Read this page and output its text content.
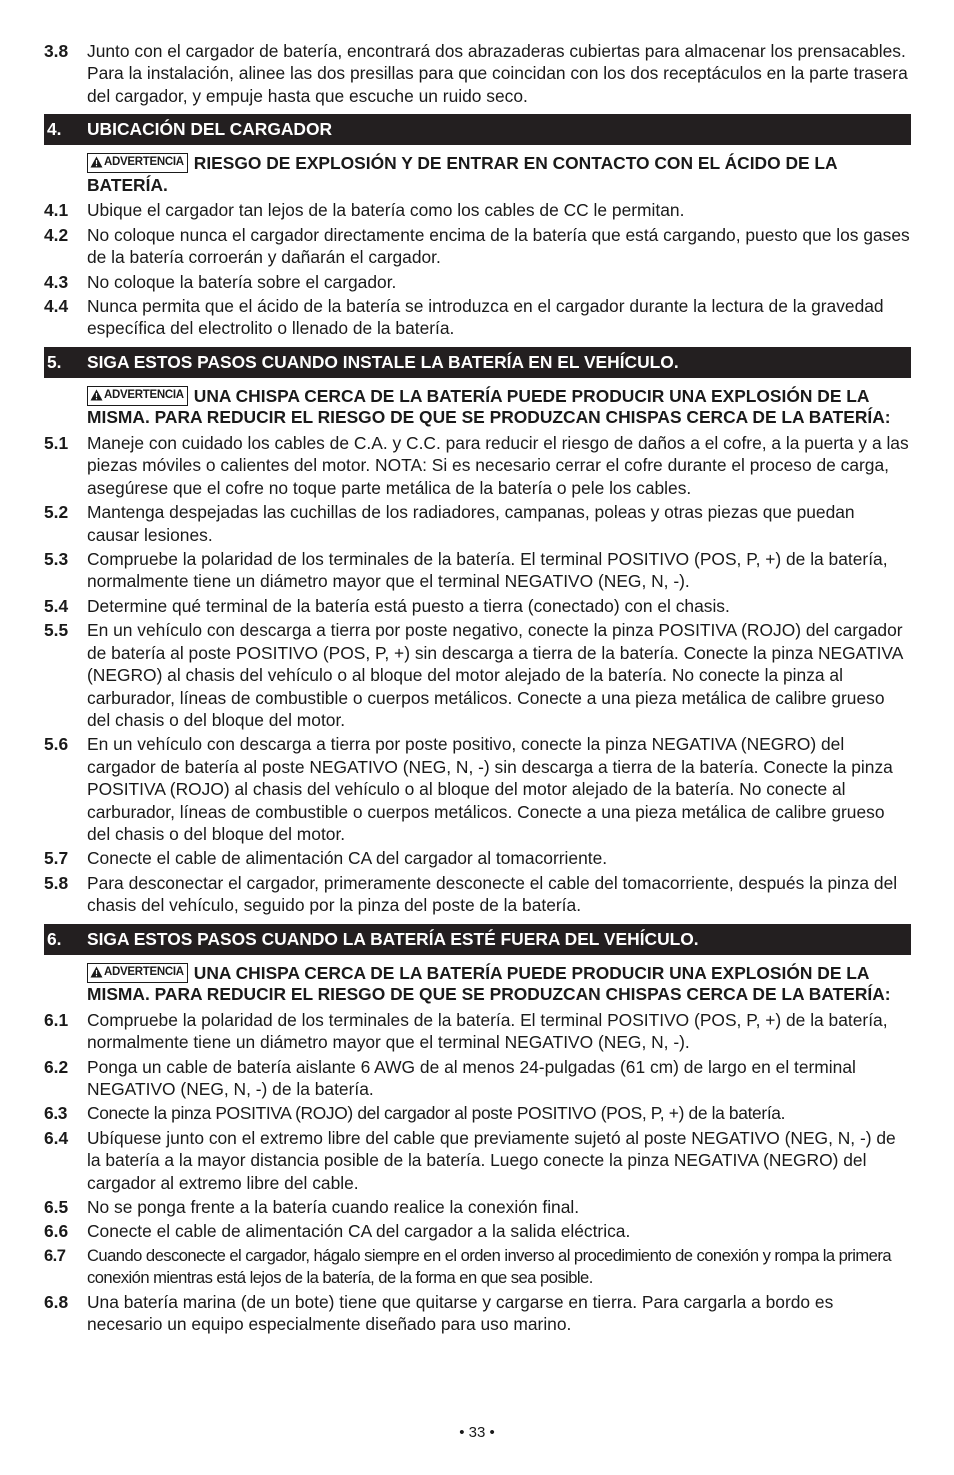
3.8	Junto con el cargador de batería, encontrará dos abrazaderas cubiertas para almacenar los prensacables. Para la instalación, alinee las dos presillas para que coincidan con los dos receptáculos en la parte trasera del cargador, y empuje hasta que escuche un ruido seco.
4.	UBICACIÓN DEL CARGADOR
ADVERTENCIA RIESGO DE EXPLOSIÓN Y DE ENTRAR EN CONTACTO CON EL ÁCIDO DE LA BATERÍA.
4.1	Ubique el cargador tan lejos de la batería como los cables de CC le permitan.
4.2	No coloque nunca el cargador directamente encima de la batería que está cargando, puesto que los gases de la batería corroerán y dañarán el cargador.
4.3	No coloque la batería sobre el cargador.
4.4	Nunca permita que el ácido de la batería se introduzca en el cargador durante la lectura de la gravedad específica del electrolito o llenado de la batería.
5.	SIGA ESTOS PASOS CUANDO INSTALE LA BATERÍA EN EL VEHÍCULO.
ADVERTENCIA UNA CHISPA CERCA DE LA BATERÍA PUEDE PRODUCIR UNA EXPLOSIÓN DE LA MISMA. PARA REDUCIR EL RIESGO DE QUE SE PRODUZCAN CHISPAS CERCA DE LA BATERÍA:
5.1	Maneje con cuidado los cables de C.A. y C.C. para reducir el riesgo de daños a el cofre, a la puerta y a las piezas móviles o calientes del motor. NOTA: Si es necesario cerrar el cofre durante el proceso de carga, asegúrese que el cofre no toque parte metálica de la batería o pele los cables.
5.2	Mantenga despejadas las cuchillas de los radiadores, campanas, poleas y otras piezas que puedan causar lesiones.
5.3	Compruebe la polaridad de los terminales de la batería. El terminal POSITIVO (POS, P, +) de la batería, normalmente tiene un diámetro mayor que el terminal NEGATIVO (NEG, N, -).
5.4	Determine qué terminal de la batería está puesto a tierra (conectado) con el chasis.
5.5	En un vehículo con descarga a tierra por poste negativo, conecte la pinza POSITIVA (ROJO) del cargador de batería al poste POSITIVO (POS, P, +) sin descarga a tierra de la batería. Conecte la pinza NEGATIVA (NEGRO) al chasis del vehículo o al bloque del motor alejado de la batería. No conecte la pinza al carburador, líneas de combustible o cuerpos metálicos. Conecte a una pieza metálica de calibre grueso del chasis o del bloque del motor.
5.6	En un vehículo con descarga a tierra por poste positivo, conecte la pinza NEGATIVA (NEGRO) del cargador de batería al poste NEGATIVO (NEG, N, -) sin descarga a tierra de la batería. Conecte la pinza POSITIVA (ROJO) al chasis del vehículo o al bloque del motor alejado de la batería. No conecte al carburador, líneas de combustible o cuerpos metálicos. Conecte a una pieza metálica de calibre grueso del chasis o del bloque del motor.
5.7	Conecte el cable de alimentación CA del cargador al tomacorriente.
5.8	Para desconectar el cargador, primeramente desconecte el cable del tomacorriente, después la pinza del chasis del vehículo, seguido por la pinza del poste de la batería.
6.	SIGA ESTOS PASOS CUANDO LA BATERÍA ESTÉ FUERA DEL VEHÍCULO.
ADVERTENCIA UNA CHISPA CERCA DE LA BATERÍA PUEDE PRODUCIR UNA EXPLOSIÓN DE LA MISMA. PARA REDUCIR EL RIESGO DE QUE SE PRODUZCAN CHISPAS CERCA DE LA BATERÍA:
6.1	Compruebe la polaridad de los terminales de la batería. El terminal POSITIVO (POS, P, +) de la batería, normalmente tiene un diámetro mayor que el terminal NEGATIVO (NEG, N, -).
6.2	Ponga un cable de batería aislante 6 AWG de al menos 24-pulgadas (61 cm) de largo en el terminal NEGATIVO (NEG, N, -) de la batería.
6.3	Conecte la pinza POSITIVA (ROJO) del cargador al poste POSITIVO (POS, P, +) de la batería.
6.4	Ubíquese junto con el extremo libre del cable que previamente sujetó al poste NEGATIVO (NEG, N, -) de la batería a la mayor distancia posible de la batería. Luego conecte la pinza NEGATIVA (NEGRO) del cargador al extremo libre del cable.
6.5	No se ponga frente a la batería cuando realice la conexión final.
6.6	Conecte el cable de alimentación CA del cargador a la salida eléctrica.
6.7	Cuando desconecte el cargador, hágalo siempre en el orden inverso al procedimiento de conexión y rompa la primera conexión mientras está lejos de la batería, de la forma en que sea posible.
6.8	Una batería marina (de un bote) tiene que quitarse y cargarse en tierra. Para cargarla a bordo es necesario un equipo especialmente diseñado para uso marino.
• 33 •
